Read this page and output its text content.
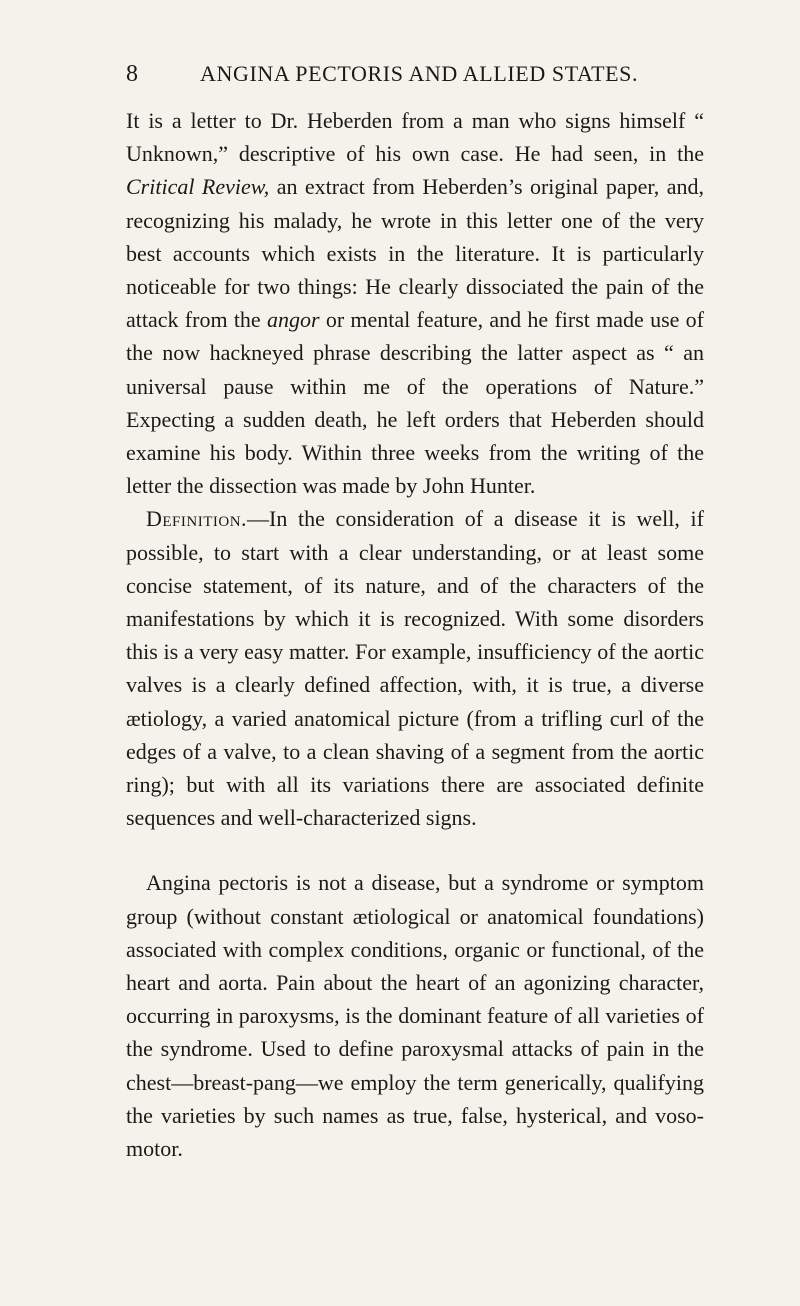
8	ANGINA PECTORIS AND ALLIED STATES.

It is a letter to Dr. Heberden from a man who signs himself “ Unknown,” descriptive of his own case. He had seen, in the Critical Review, an extract from Heberden’s original paper, and, recognizing his malady, he wrote in this letter one of the very best accounts which exists in the literature. It is particularly noticeable for two things: He clearly dissociated the pain of the attack from the angor or mental feature, and he first made use of the now hackneyed phrase describing the latter aspect as “ an universal pause within me of the operations of Nature.” Expecting a sudden death, he left orders that Heberden should examine his body. Within three weeks from the writing of the letter the dissection was made by John Hunter.

Definition.—In the consideration of a disease it is well, if possible, to start with a clear understanding, or at least some concise statement, of its nature, and of the characters of the manifestations by which it is recognized. With some disorders this is a very easy matter. For example, insufficiency of the aortic valves is a clearly defined affection, with, it is true, a diverse ætiology, a varied anatomical picture (from a trifling curl of the edges of a valve, to a clean shaving of a segment from the aortic ring); but with all its variations there are associated definite sequences and well-characterized signs.

Angina pectoris is not a disease, but a syndrome or symptom group (without constant ætiological or anatomical foundations) associated with complex conditions, organic or functional, of the heart and aorta. Pain about the heart of an agonizing character, occurring in paroxysms, is the dominant feature of all varieties of the syndrome. Used to define paroxysmal attacks of pain in the chest—breast-pang—we employ the term generically, qualifying the varieties by such names as true, false, hysterical, and voso-motor.
